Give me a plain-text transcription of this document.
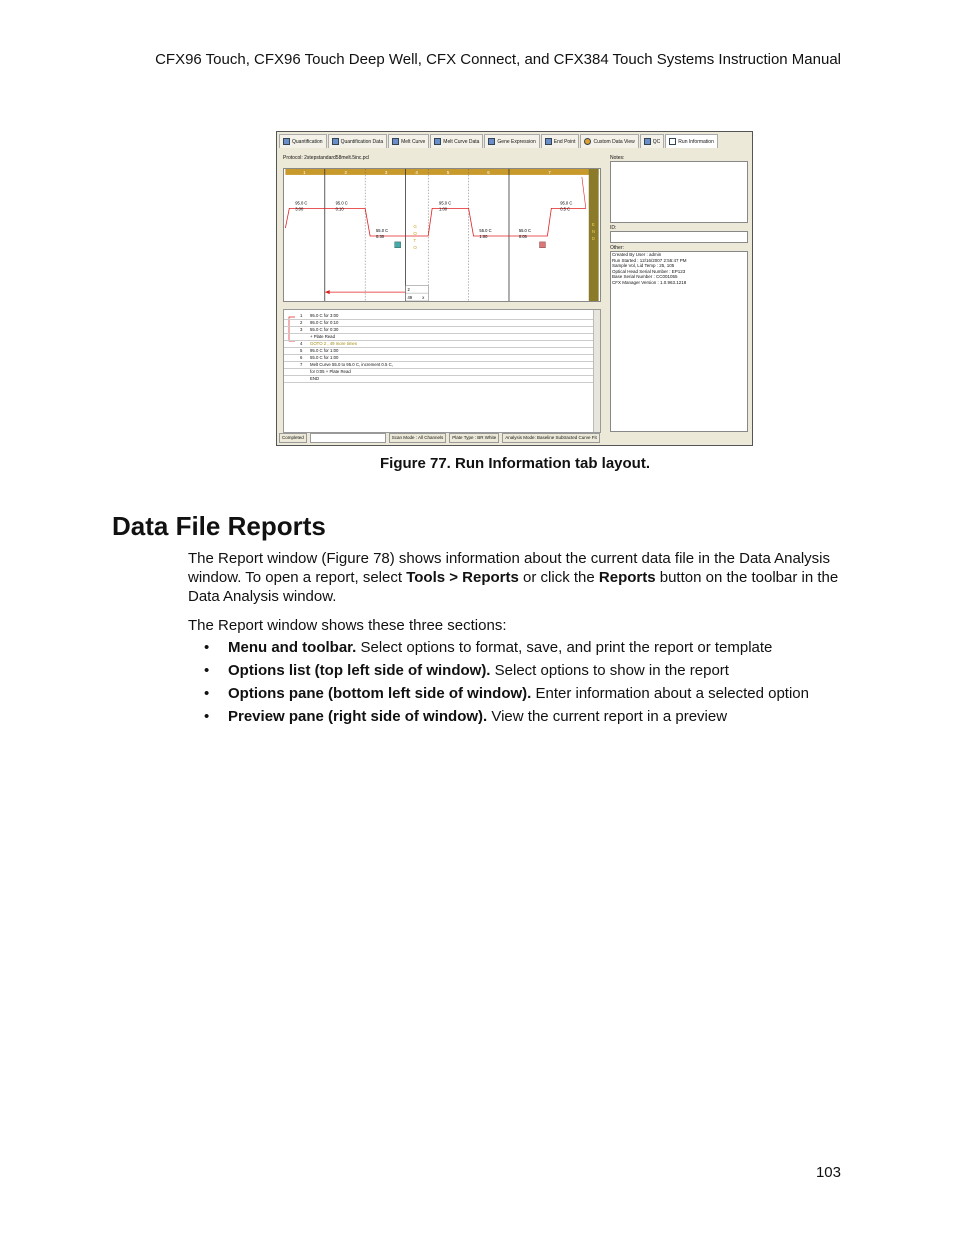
CFX96 Touch, CFX96 Touch Deep Well, CFX Connect, and CFX384 Touch Systems Instruction Manual
Quantification	Quantification Data	Melt Curve	Melt Curve Data	Gene Expression	End Point	Custom Data View	QC	Run Information
Protocol: 2stepstandard58melt.5inc.pcl
1	2	3	4	5	6	7
95.0 C
3:00
95.0 C
0:10
55.0 C
0:30
95.0 C
1:00
55.0 C
1:00
55.0 C
0:05
95.0 C
0.5 C
G
O
T
O
E
N
D
2
49 x
1 95.0 C for 3:00
2 95.0 C for 0:10
3 55.0 C for 0:30
+ Plate Read
4 GOTO 2 , 49 more times
5 95.0 C for 1:00
6 55.0 C for 1:00
7 Melt Curve 55.0 to 95.0 C, increment 0.5 C,
for 0:05 + Plate Read
END
Notes:
ID:
Other:
Created By User : admin
Run Started : 12/16/2007 2:55:47 PM
Sample Vol, Lid Temp : 25, 105
Optical Head Serial Number : EP123
Base Serial Number : CC001055
CFX Manager Version : 1.0.963.1218
Completed	Scan Mode : All Channels	Plate Type : BR White	Analysis Mode: Baseline Subtracted Curve Fit
Figure 77. Run Information tab layout.
Data File Reports
The Report window (Figure 78) shows information about the current data file in the Data Analysis window. To open a report, select Tools > Reports or click the Reports button on the toolbar in the Data Analysis window.
The Report window shows these three sections:
• Menu and toolbar. Select options to format, save, and print the report or template
• Options list (top left side of window). Select options to show in the report
• Options pane (bottom left side of window). Enter information about a selected option
• Preview pane (right side of window). View the current report in a preview
103
